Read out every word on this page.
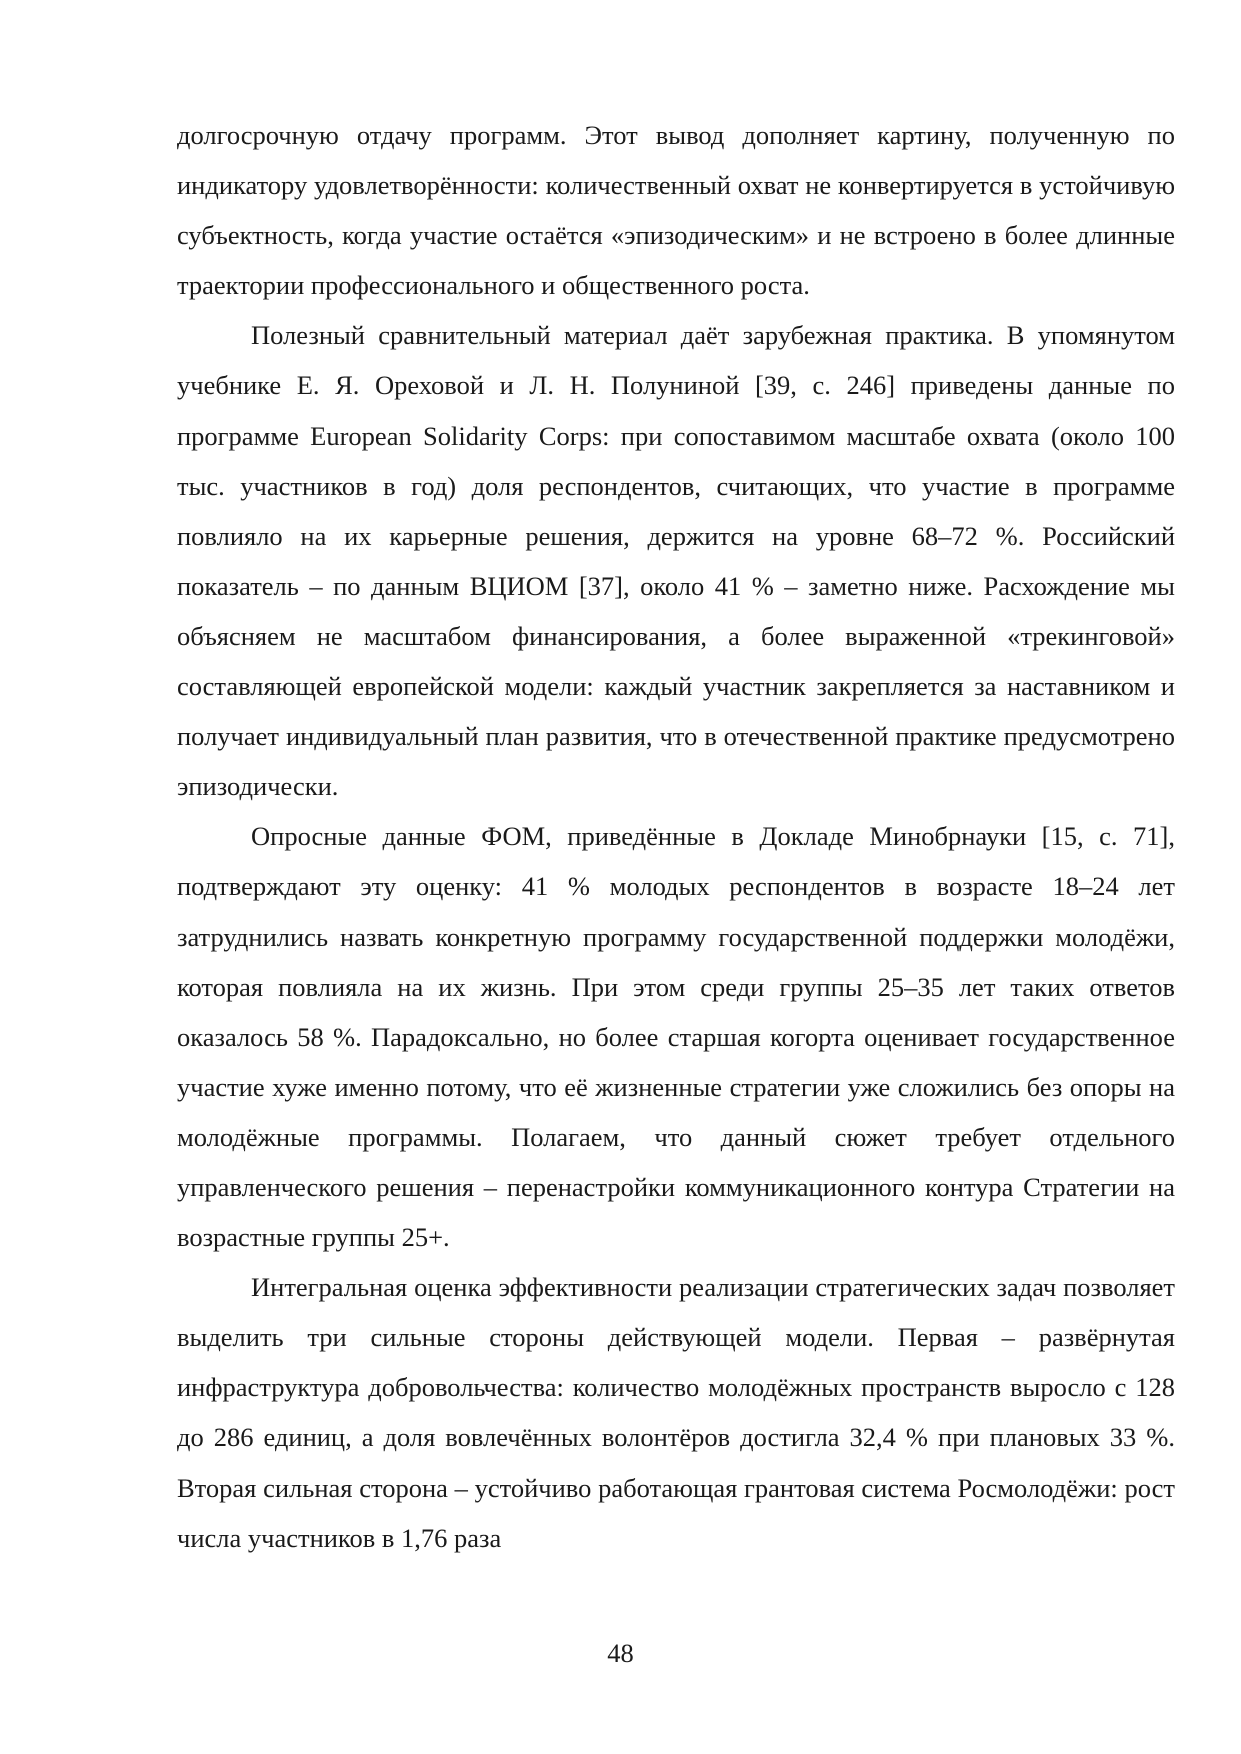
долгосрочную отдачу программ. Этот вывод дополняет картину, полученную по индикатору удовлетворённости: количественный охват не конвертируется в устойчивую субъектность, когда участие остаётся «эпизодическим» и не встроено в более длинные траектории профессионального и общественного роста.

Полезный сравнительный материал даёт зарубежная практика. В упомянутом учебнике Е. Я. Ореховой и Л. Н. Полуниной [39, с. 246] приведены данные по программе European Solidarity Corps: при сопоставимом масштабе охвата (около 100 тыс. участников в год) доля респондентов, считающих, что участие в программе повлияло на их карьерные решения, держится на уровне 68–72 %. Российский показатель – по данным ВЦИОМ [37], около 41 % – заметно ниже. Расхождение мы объясняем не масштабом финансирования, а более выраженной «трекинговой» составляющей европейской модели: каждый участник закрепляется за наставником и получает индивидуальный план развития, что в отечественной практике предусмотрено эпизодически.

Опросные данные ФОМ, приведённые в Докладе Минобрнауки [15, с. 71], подтверждают эту оценку: 41 % молодых респондентов в возрасте 18–24 лет затруднились назвать конкретную программу государственной поддержки молодёжи, которая повлияла на их жизнь. При этом среди группы 25–35 лет таких ответов оказалось 58 %. Парадоксально, но более старшая когорта оценивает государственное участие хуже именно потому, что её жизненные стратегии уже сложились без опоры на молодёжные программы. Полагаем, что данный сюжет требует отдельного управленческого решения – перенастройки коммуникационного контура Стратегии на возрастные группы 25+.

Интегральная оценка эффективности реализации стратегических задач позволяет выделить три сильные стороны действующей модели. Первая – развёрнутая инфраструктура добровольчества: количество молодёжных пространств выросло с 128 до 286 единиц, а доля вовлечённых волонтёров достигла 32,4 % при плановых 33 %. Вторая сильная сторона – устойчиво работающая грантовая система Росмолодёжи: рост числа участников в 1,76 раза

48
